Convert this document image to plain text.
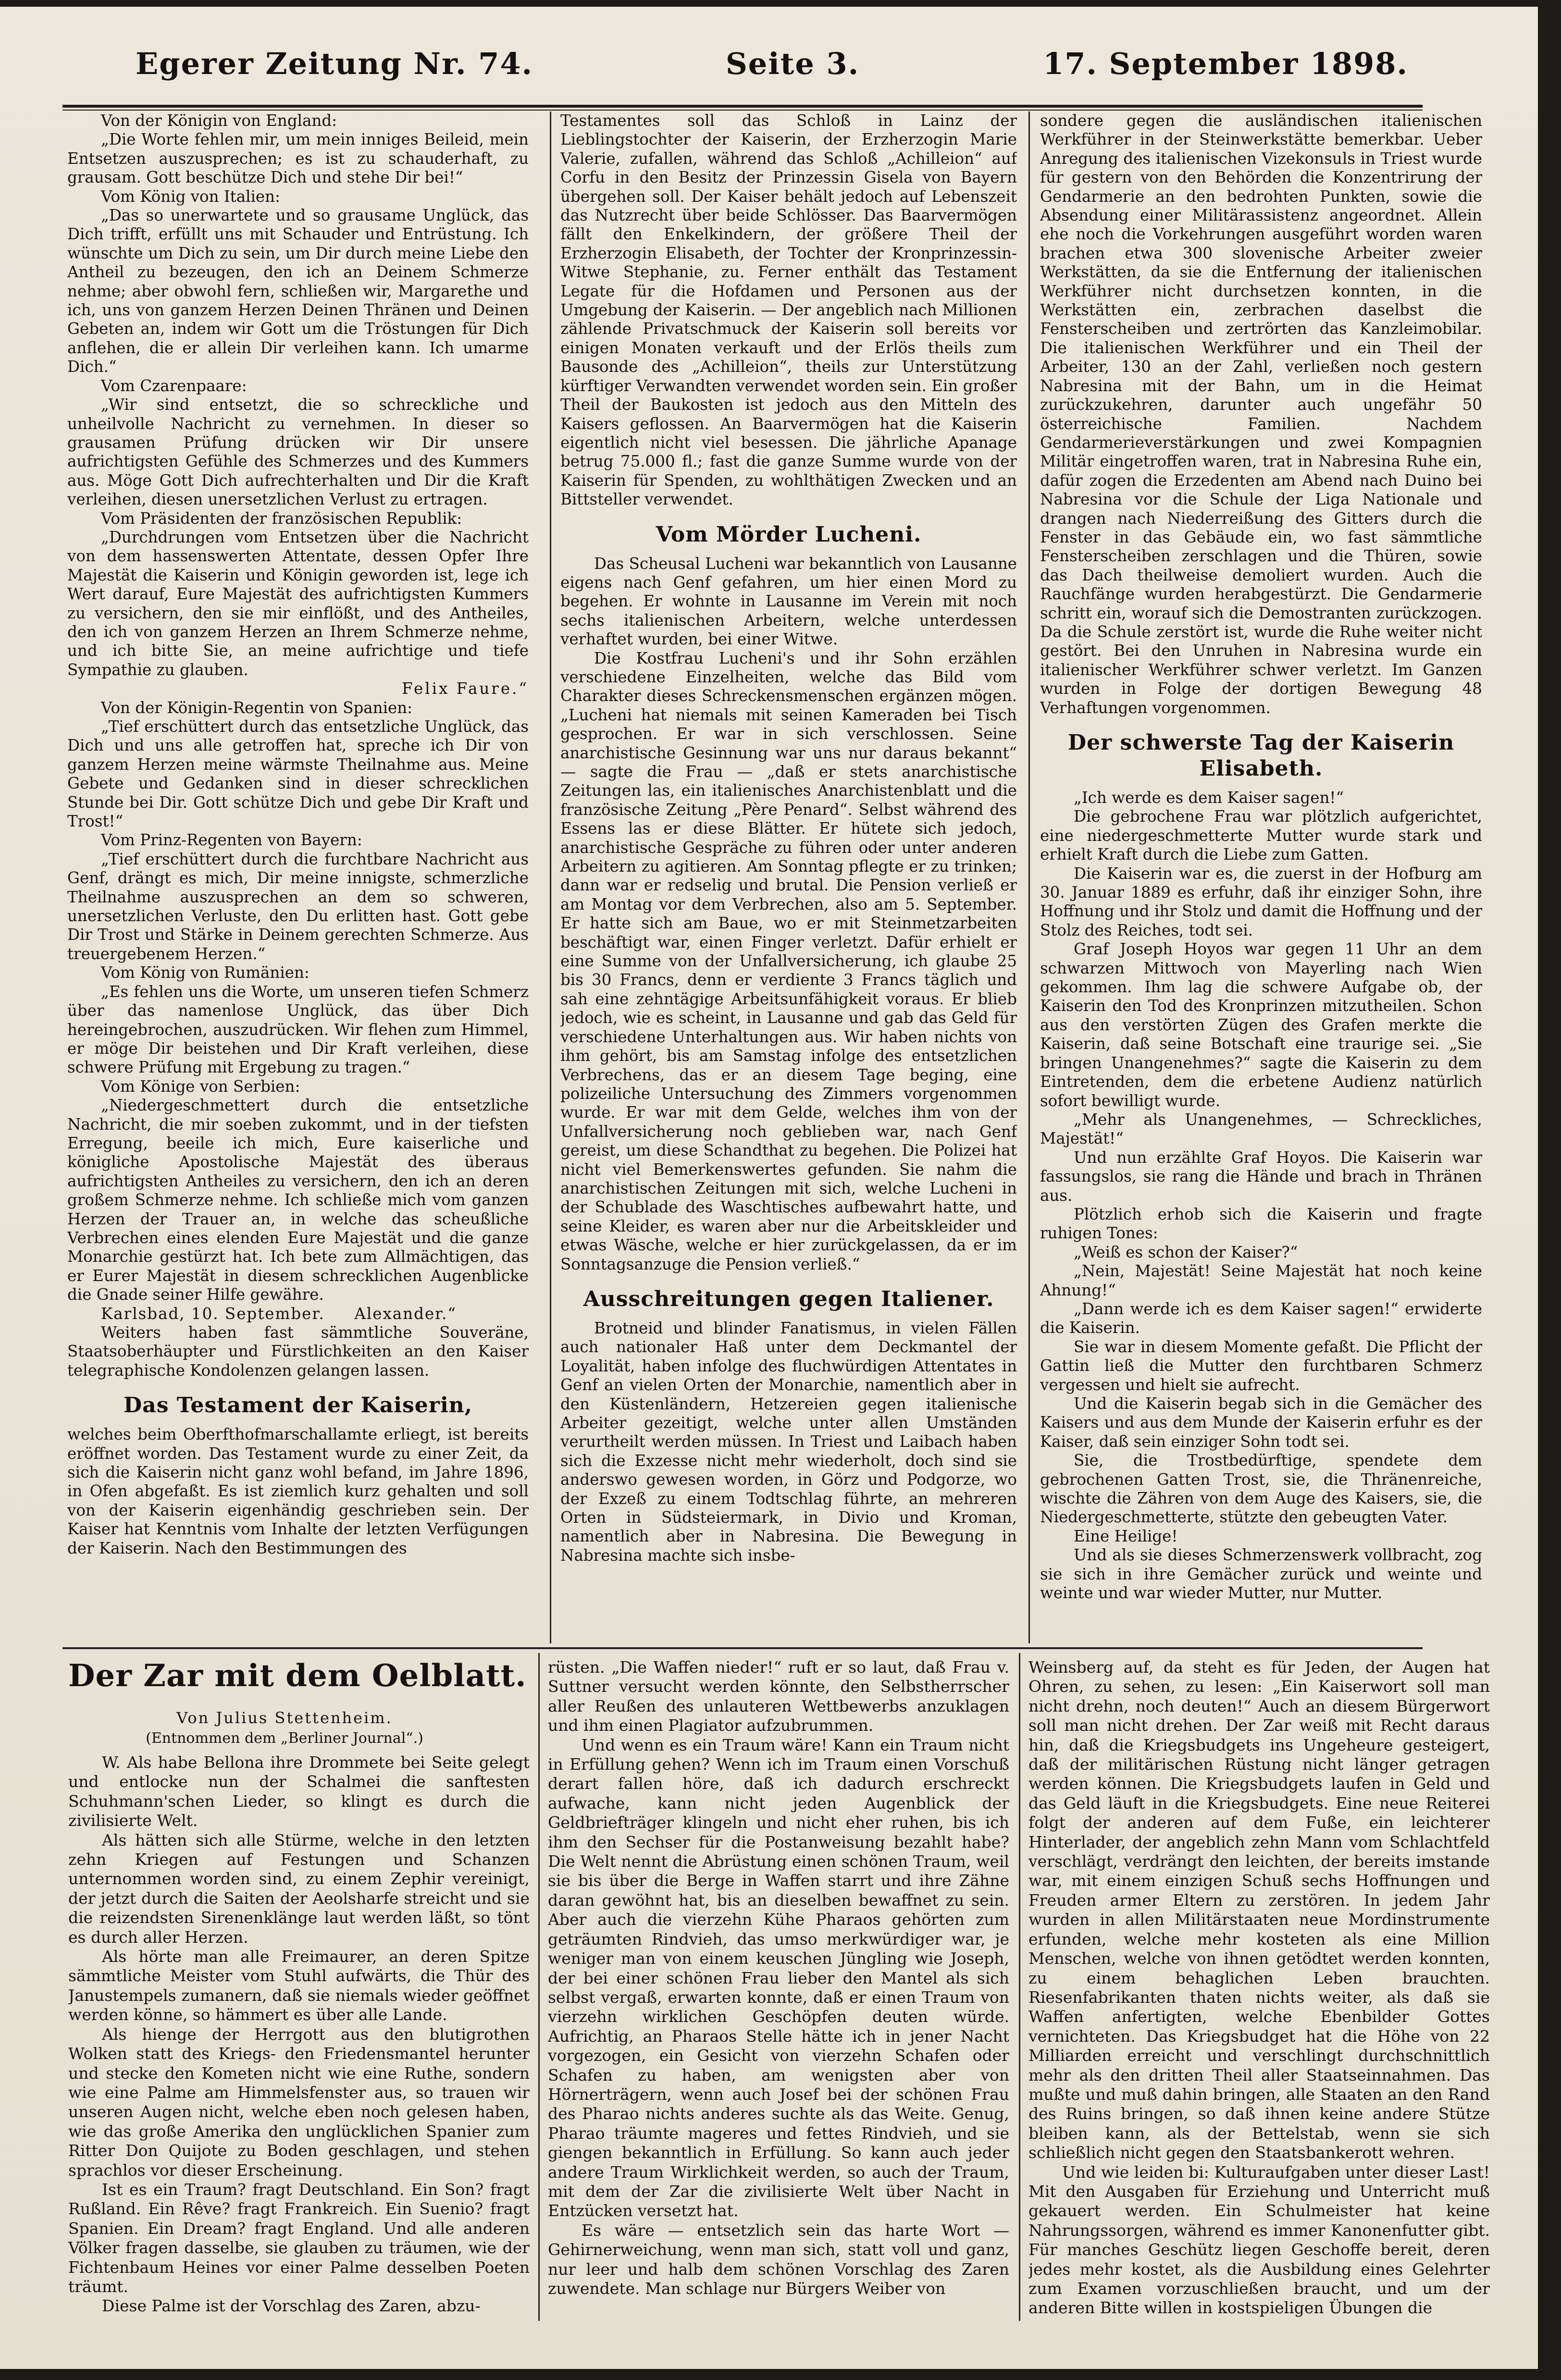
Egerer Zeitung Nr. 74.	Seite 3.	17. September 1898.

Von der Königin von England:

„Die Worte fehlen mir, um mein inniges Beileid, mein Entsetzen auszusprechen; es ist zu schauderhaft, zu grausam. Gott beschütze Dich und stehe Dir bei!“

Vom König von Italien:

„Das so unerwartete und so grausame Unglück, das Dich trifft, erfüllt uns mit Schauder und Entrüstung. Ich wünschte um Dich zu sein, um Dir durch meine Liebe den Antheil zu bezeugen, den ich an Deinem Schmerze nehme; aber obwohl fern, schließen wir, Margarethe und ich, uns von ganzem Herzen Deinen Thränen und Deinen Gebeten an, indem wir Gott um die Tröstungen für Dich anflehen, die er allein Dir verleihen kann. Ich umarme Dich.“

Vom Czarenpaare:

„Wir sind entsetzt, die so schreckliche und unheilvolle Nachricht zu vernehmen. In dieser so grausamen Prüfung drücken wir Dir unsere aufrichtigsten Gefühle des Schmerzes und des Kummers aus. Möge Gott Dich aufrechterhalten und Dir die Kraft verleihen, diesen unersetzlichen Verlust zu ertragen.

Vom Präsidenten der französischen Republik:

„Durchdrungen vom Entsetzen über die Nachricht von dem hassenswerten Attentate, dessen Opfer Ihre Majestät die Kaiserin und Königin geworden ist, lege ich Wert darauf, Eure Majestät des aufrichtigsten Kummers zu versichern, den sie mir einflößt, und des Antheiles, den ich von ganzem Herzen an Ihrem Schmerze nehme, und ich bitte Sie, an meine aufrichtige und tiefe Sympathie zu glauben.

Felix Faure.“

Von der Königin-Regentin von Spanien:

„Tief erschüttert durch das entsetzliche Unglück, das Dich und uns alle getroffen hat, spreche ich Dir von ganzem Herzen meine wärmste Theilnahme aus. Meine Gebete und Gedanken sind in dieser schrecklichen Stunde bei Dir. Gott schütze Dich und gebe Dir Kraft und Trost!“

Vom Prinz-Regenten von Bayern:

„Tief erschüttert durch die furchtbare Nachricht aus Genf, drängt es mich, Dir meine innigste, schmerzliche Theilnahme auszusprechen an dem so schweren, unersetzlichen Verluste, den Du erlitten hast. Gott gebe Dir Trost und Stärke in Deinem gerechten Schmerze. Aus treuergebenem Herzen.“

Vom König von Rumänien:

„Es fehlen uns die Worte, um unseren tiefen Schmerz über das namenlose Unglück, das über Dich hereingebrochen, auszudrücken. Wir flehen zum Himmel, er möge Dir beistehen und Dir Kraft verleihen, diese schwere Prüfung mit Ergebung zu tragen.“

Vom Könige von Serbien:

„Niedergeschmettert durch die entsetzliche Nachricht, die mir soeben zukommt, und in der tiefsten Erregung, beeile ich mich, Eure kaiserliche und königliche Apostolische Majestät des überaus aufrichtigsten Antheiles zu versichern, den ich an deren großem Schmerze nehme. Ich schließe mich vom ganzen Herzen der Trauer an, in welche das scheußliche Verbrechen eines elenden Eure Majestät und die ganze Monarchie gestürzt hat. Ich bete zum Allmächtigen, das er Eurer Majestät in diesem schrecklichen Augenblicke die Gnade seiner Hilfe gewähre.

Karlsbad, 10. September. Alexander.“

Weiters haben fast sämmtliche Souveräne, Staatsoberhäupter und Fürstlichkeiten an den Kaiser telegraphische Kondolenzen gelangen lassen.

Das Testament der Kaiserin,

welches beim Oberfthofmarschallamte erliegt, ist bereits eröffnet worden. Das Testament wurde zu einer Zeit, da sich die Kaiserin nicht ganz wohl befand, im Jahre 1896, in Ofen abgefaßt. Es ist ziemlich kurz gehalten und soll von der Kaiserin eigenhändig geschrieben sein. Der Kaiser hat Kenntnis vom Inhalte der letzten Verfügungen der Kaiserin. Nach den Bestimmungen des

Testamentes soll das Schloß in Lainz der Lieblingstochter der Kaiserin, der Erzherzogin Marie Valerie, zufallen, während das Schloß „Achilleion“ auf Corfu in den Besitz der Prinzessin Gisela von Bayern übergehen soll. Der Kaiser behält jedoch auf Lebenszeit das Nutzrecht über beide Schlösser. Das Baarvermögen fällt den Enkelkindern, der größere Theil der Erzherzogin Elisabeth, der Tochter der Kronprinzessin-Witwe Stephanie, zu. Ferner enthält das Testament Legate für die Hofdamen und Personen aus der Umgebung der Kaiserin. — Der angeblich nach Millionen zählende Privatschmuck der Kaiserin soll bereits vor einigen Monaten verkauft und der Erlös theils zum Bausonde des „Achilleion“, theils zur Unterstützung kürftiger Verwandten verwendet worden sein. Ein großer Theil der Baukosten ist jedoch aus den Mitteln des Kaisers geflossen. An Baarvermögen hat die Kaiserin eigentlich nicht viel besessen. Die jährliche Apanage betrug 75.000 fl.; fast die ganze Summe wurde von der Kaiserin für Spenden, zu wohlthätigen Zwecken und an Bittsteller verwendet.

Vom Mörder Lucheni.

Das Scheusal Lucheni war bekanntlich von Lausanne eigens nach Genf gefahren, um hier einen Mord zu begehen. Er wohnte in Lausanne im Verein mit noch sechs italienischen Arbeitern, welche unterdessen verhaftet wurden, bei einer Witwe.

Die Kostfrau Lucheni's und ihr Sohn erzählen verschiedene Einzelheiten, welche das Bild vom Charakter dieses Schreckensmenschen ergänzen mögen. „Lucheni hat niemals mit seinen Kameraden bei Tisch gesprochen. Er war in sich verschlossen. Seine anarchistische Gesinnung war uns nur daraus bekannt“ — sagte die Frau — „daß er stets anarchistische Zeitungen las, ein italienisches Anarchistenblatt und die französische Zeitung „Père Penard“. Selbst während des Essens las er diese Blätter. Er hütete sich jedoch, anarchistische Gespräche zu führen oder unter anderen Arbeitern zu agitieren. Am Sonntag pflegte er zu trinken; dann war er redselig und brutal. Die Pension verließ er am Montag vor dem Verbrechen, also am 5. September. Er hatte sich am Baue, wo er mit Steinmetzarbeiten beschäftigt war, einen Finger verletzt. Dafür erhielt er eine Summe von der Unfallversicherung, ich glaube 25 bis 30 Francs, denn er verdiente 3 Francs täglich und sah eine zehntägige Arbeitsunfähigkeit voraus. Er blieb jedoch, wie es scheint, in Lausanne und gab das Geld für verschiedene Unterhaltungen aus. Wir haben nichts von ihm gehört, bis am Samstag infolge des entsetzlichen Verbrechens, das er an diesem Tage beging, eine polizeiliche Untersuchung des Zimmers vorgenommen wurde. Er war mit dem Gelde, welches ihm von der Unfallversicherung noch geblieben war, nach Genf gereist, um diese Schandthat zu begehen. Die Polizei hat nicht viel Bemerkenswertes gefunden. Sie nahm die anarchistischen Zeitungen mit sich, welche Lucheni in der Schublade des Waschtisches aufbewahrt hatte, und seine Kleider, es waren aber nur die Arbeitskleider und etwas Wäsche, welche er hier zurückgelassen, da er im Sonntagsanzuge die Pension verließ.“

Ausschreitungen gegen Italiener.

Brotneid und blinder Fanatismus, in vielen Fällen auch nationaler Haß unter dem Deckmantel der Loyalität, haben infolge des fluchwürdigen Attentates in Genf an vielen Orten der Monarchie, namentlich aber in den Küstenländern, Hetzereien gegen italienische Arbeiter gezeitigt, welche unter allen Umständen verurtheilt werden müssen. In Triest und Laibach haben sich die Exzesse nicht mehr wiederholt, doch sind sie anderswo gewesen worden, in Görz und Podgorze, wo der Exzeß zu einem Todtschlag führte, an mehreren Orten in Südsteiermark, in Divio und Kroman, namentlich aber in Nabresina. Die Bewegung in Nabresina machte sich insbe-

sondere gegen die ausländischen italienischen Werkführer in der Steinwerkstätte bemerkbar. Ueber Anregung des italienischen Vizekonsuls in Triest wurde für gestern von den Behörden die Konzentrirung der Gendarmerie an den bedrohten Punkten, sowie die Absendung einer Militärassistenz angeordnet. Allein ehe noch die Vorkehrungen ausgeführt worden waren brachen etwa 300 slovenische Arbeiter zweier Werkstätten, da sie die Entfernung der italienischen Werkführer nicht durchsetzen konnten, in die Werkstätten ein, zerbrachen daselbst die Fensterscheiben und zertrörten das Kanzleimobilar. Die italienischen Werkführer und ein Theil der Arbeiter, 130 an der Zahl, verließen noch gestern Nabresina mit der Bahn, um in die Heimat zurückzukehren, darunter auch ungefähr 50 österreichische Familien. Nachdem Gendarmerieverstärkungen und zwei Kompagnien Militär eingetroffen waren, trat in Nabresina Ruhe ein, dafür zogen die Erzedenten am Abend nach Duino bei Nabresina vor die Schule der Liga Nationale und drangen nach Niederreißung des Gitters durch die Fenster in das Gebäude ein, wo fast sämmtliche Fensterscheiben zerschlagen und die Thüren, sowie das Dach theilweise demoliert wurden. Auch die Rauchfänge wurden herabgestürzt. Die Gendarmerie schritt ein, worauf sich die Demostranten zurückzogen. Da die Schule zerstört ist, wurde die Ruhe weiter nicht gestört. Bei den Unruhen in Nabresina wurde ein italienischer Werkführer schwer verletzt. Im Ganzen wurden in Folge der dortigen Bewegung 48 Verhaftungen vorgenommen.

Der schwerste Tag der Kaiserin Elisabeth.

„Ich werde es dem Kaiser sagen!“

Die gebrochene Frau war plötzlich aufgerichtet, eine niedergeschmetterte Mutter wurde stark und erhielt Kraft durch die Liebe zum Gatten.

Die Kaiserin war es, die zuerst in der Hofburg am 30. Januar 1889 es erfuhr, daß ihr einziger Sohn, ihre Hoffnung und ihr Stolz und damit die Hoffnung und der Stolz des Reiches, todt sei.

Graf Joseph Hoyos war gegen 11 Uhr an dem schwarzen Mittwoch von Mayerling nach Wien gekommen. Ihm lag die schwere Aufgabe ob, der Kaiserin den Tod des Kronprinzen mitzutheilen. Schon aus den verstörten Zügen des Grafen merkte die Kaiserin, daß seine Botschaft eine traurige sei. „Sie bringen Unangenehmes?“ sagte die Kaiserin zu dem Eintretenden, dem die erbetene Audienz natürlich sofort bewilligt wurde.

„Mehr als Unangenehmes, — Schreckliches, Majestät!“

Und nun erzählte Graf Hoyos. Die Kaiserin war fassungslos, sie rang die Hände und brach in Thränen aus.

Plötzlich erhob sich die Kaiserin und fragte ruhigen Tones:

„Weiß es schon der Kaiser?“

„Nein, Majestät! Seine Majestät hat noch keine Ahnung!“

„Dann werde ich es dem Kaiser sagen!“ erwiderte die Kaiserin.

Sie war in diesem Momente gefaßt. Die Pflicht der Gattin ließ die Mutter den furchtbaren Schmerz vergessen und hielt sie aufrecht.

Und die Kaiserin begab sich in die Gemächer des Kaisers und aus dem Munde der Kaiserin erfuhr es der Kaiser, daß sein einziger Sohn todt sei.

Sie, die Trostbedürftige, spendete dem gebrochenen Gatten Trost, sie, die Thränenreiche, wischte die Zähren von dem Auge des Kaisers, sie, die Niedergeschmetterte, stützte den gebeugten Vater.

Eine Heilige!

Und als sie dieses Schmerzenswerk vollbracht, zog sie sich in ihre Gemächer zurück und weinte und weinte und war wieder Mutter, nur Mutter.

Der Zar mit dem Oelblatt.
Von Julius Stettenheim.
(Entnommen dem „Berliner Journal“.)

W. Als habe Bellona ihre Drommete bei Seite gelegt und entlocke nun der Schalmei die sanftesten Schuhmann'schen Lieder, so klingt es durch die zivilisierte Welt.

Als hätten sich alle Stürme, welche in den letzten zehn Kriegen auf Festungen und Schanzen unternommen worden sind, zu einem Zephir vereinigt, der jetzt durch die Saiten der Aeolsharfe streicht und sie die reizendsten Sirenenklänge laut werden läßt, so tönt es durch aller Herzen.

Als hörte man alle Freimaurer, an deren Spitze sämmtliche Meister vom Stuhl aufwärts, die Thür des Janustempels zumanern, daß sie niemals wieder geöffnet werden könne, so hämmert es über alle Lande.

Als hienge der Herrgott aus den blutigrothen Wolken statt des Kriegs- den Friedensmantel herunter und stecke den Kometen nicht wie eine Ruthe, sondern wie eine Palme am Himmelsfenster aus, so trauen wir unseren Augen nicht, welche eben noch gelesen haben, wie das große Amerika den unglücklichen Spanier zum Ritter Don Quijote zu Boden geschlagen, und stehen sprachlos vor dieser Erscheinung.

Ist es ein Traum? fragt Deutschland. Ein Son? fragt Rußland. Ein Rêve? fragt Frankreich. Ein Suenio? fragt Spanien. Ein Dream? fragt England. Und alle anderen Völker fragen dasselbe, sie glauben zu träumen, wie der Fichtenbaum Heines vor einer Palme desselben Poeten träumt.

Diese Palme ist der Vorschlag des Zaren, abzu-

rüsten. „Die Waffen nieder!“ ruft er so laut, daß Frau v. Suttner versucht werden könnte, den Selbstherrscher aller Reußen des unlauteren Wettbewerbs anzuklagen und ihm einen Plagiator aufzubrummen.

Und wenn es ein Traum wäre! Kann ein Traum nicht in Erfüllung gehen? Wenn ich im Traum einen Vorschuß derart fallen höre, daß ich dadurch erschreckt aufwache, kann nicht jeden Augenblick der Geldbriefträger klingeln und nicht eher ruhen, bis ich ihm den Sechser für die Postanweisung bezahlt habe? Die Welt nennt die Abrüstung einen schönen Traum, weil sie bis über die Berge in Waffen starrt und ihre Zähne daran gewöhnt hat, bis an dieselben bewaffnet zu sein. Aber auch die vierzehn Kühe Pharaos gehörten zum geträumten Rindvieh, das umso merkwürdiger war, je weniger man von einem keuschen Jüngling wie Joseph, der bei einer schönen Frau lieber den Mantel als sich selbst vergaß, erwarten konnte, daß er einen Traum von vierzehn wirklichen Geschöpfen deuten würde. Aufrichtig, an Pharaos Stelle hätte ich in jener Nacht vorgezogen, ein Gesicht von vierzehn Schafen oder Schafen zu haben, am wenigsten aber von Hörnerträgern, wenn auch Josef bei der schönen Frau des Pharao nichts anderes suchte als das Weite. Genug, Pharao träumte mageres und fettes Rindvieh, und sie giengen bekanntlich in Erfüllung. So kann auch jeder andere Traum Wirklichkeit werden, so auch der Traum, mit dem der Zar die zivilisierte Welt über Nacht in Entzücken versetzt hat.

Es wäre — entsetzlich sein das harte Wort — Gehirnerweichung, wenn man sich, statt voll und ganz, nur leer und halb dem schönen Vorschlag des Zaren zuwendete. Man schlage nur Bürgers Weiber von

Weinsberg auf, da steht es für Jeden, der Augen hat Ohren, zu sehen, zu lesen: „Ein Kaiserwort soll man nicht drehn, noch deuten!“ Auch an diesem Bürgerwort soll man nicht drehen. Der Zar weiß mit Recht daraus hin, daß die Kriegsbudgets ins Ungeheure gesteigert, daß der militärischen Rüstung nicht länger getragen werden können. Die Kriegsbudgets laufen in Geld und das Geld läuft in die Kriegsbudgets. Eine neue Reiterei folgt der anderen auf dem Fuße, ein leichterer Hinterlader, der angeblich zehn Mann vom Schlachtfeld verschlägt, verdrängt den leichten, der bereits imstande war, mit einem einzigen Schuß sechs Hoffnungen und Freuden armer Eltern zu zerstören. In jedem Jahr wurden in allen Militärstaaten neue Mordinstrumente erfunden, welche mehr kosteten als eine Million Menschen, welche von ihnen getödtet werden konnten, zu einem behaglichen Leben brauchten. Riesenfabrikanten thaten nichts weiter, als daß sie Waffen anfertigten, welche Ebenbilder Gottes vernichteten. Das Kriegsbudget hat die Höhe von 22 Milliarden erreicht und verschlingt durchschnittlich mehr als den dritten Theil aller Staatseinnahmen. Das mußte und muß dahin bringen, alle Staaten an den Rand des Ruins bringen, so daß ihnen keine andere Stütze bleiben kann, als der Bettelstab, wenn sie sich schließlich nicht gegen den Staatsbankerott wehren.

Und wie leiden bi: Kulturaufgaben unter dieser Last! Mit den Ausgaben für Erziehung und Unterricht muß gekauert werden. Ein Schulmeister hat keine Nahrungssorgen, während es immer Kanonenfutter gibt. Für manches Geschütz liegen Geschoffe bereit, deren jedes mehr kostet, als die Ausbildung eines Gelehrter zum Examen vorzuschließen braucht, und um der anderen Bitte willen in kostspieligen Übungen die
